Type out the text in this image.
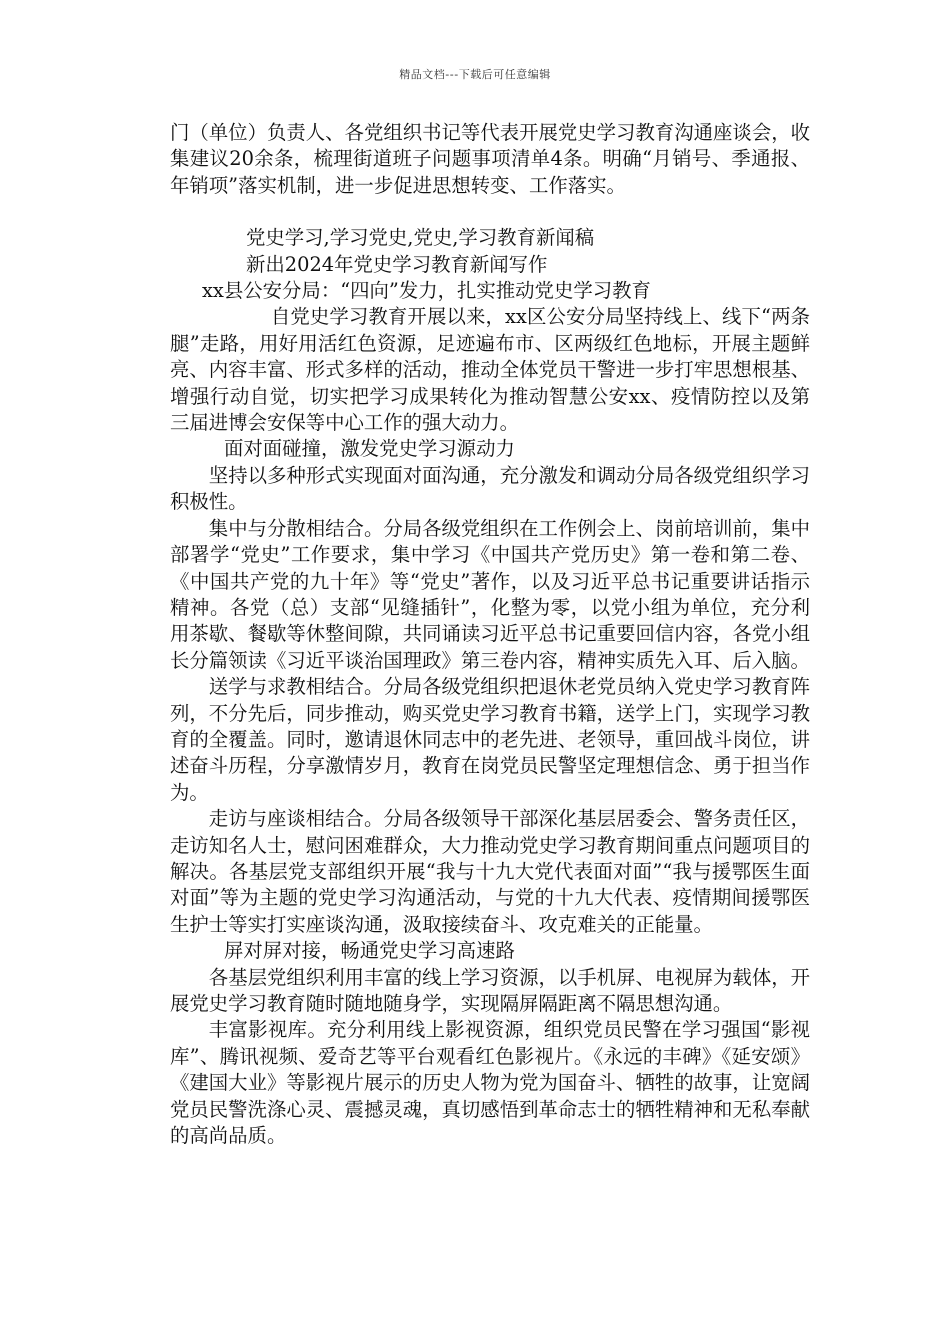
精品文档---下载后可任意编辑

门（单位）负责人、各党组织书记等代表开展党史学习教育沟通座谈会，收集建议20余条，梳理街道班子问题事项清单4条。明确“月销号、季通报、年销项”落实机制，进一步促进思想转变、工作落实。

党史学习,学习党史,党史,学习教育新闻稿

新出2024年党史学习教育新闻写作

xx县公安分局：“四向”发力，扎实推动党史学习教育

自党史学习教育开展以来，xx区公安分局坚持线上、线下“两条腿”走路，用好用活红色资源，足迹遍布市、区两级红色地标，开展主题鲜亮、内容丰富、形式多样的活动，推动全体党员干警进一步打牢思想根基、增强行动自觉，切实把学习成果转化为推动智慧公安xx、疫情防控以及第三届进博会安保等中心工作的强大动力。

面对面碰撞，激发党史学习源动力

坚持以多种形式实现面对面沟通，充分激发和调动分局各级党组织学习积极性。

集中与分散相结合。分局各级党组织在工作例会上、岗前培训前，集中部署学“党史”工作要求，集中学习《中国共产党历史》第一卷和第二卷、《中国共产党的九十年》等“党史”著作，以及习近平总书记重要讲话指示精神。各党（总）支部“见缝插针”，化整为零，以党小组为单位，充分利用茶歇、餐歇等休整间隙，共同诵读习近平总书记重要回信内容，各党小组长分篇领读《习近平谈治国理政》第三卷内容，精神实质先入耳、后入脑。

送学与求教相结合。分局各级党组织把退休老党员纳入党史学习教育阵列，不分先后，同步推动，购买党史学习教育书籍，送学上门，实现学习教育的全覆盖。同时，邀请退休同志中的老先进、老领导，重回战斗岗位，讲述奋斗历程，分享激情岁月，教育在岗党员民警坚定理想信念、勇于担当作为。

走访与座谈相结合。分局各级领导干部深化基层居委会、警务责任区，走访知名人士，慰问困难群众，大力推动党史学习教育期间重点问题项目的解决。各基层党支部组织开展“我与十九大党代表面对面”“我与援鄂医生面对面”等为主题的党史学习沟通活动，与党的十九大代表、疫情期间援鄂医生护士等实打实座谈沟通，汲取接续奋斗、攻克难关的正能量。

屏对屏对接，畅通党史学习高速路

各基层党组织利用丰富的线上学习资源，以手机屏、电视屏为载体，开展党史学习教育随时随地随身学，实现隔屏隔距离不隔思想沟通。

丰富影视库。充分利用线上影视资源，组织党员民警在学习强国“影视库”、腾讯视频、爱奇艺等平台观看红色影视片。《永远的丰碑》《延安颂》《建国大业》等影视片展示的历史人物为党为国奋斗、牺牲的故事，让宽阔党员民警洗涤心灵、震撼灵魂，真切感悟到革命志士的牺牲精神和无私奉献的高尚品质。
